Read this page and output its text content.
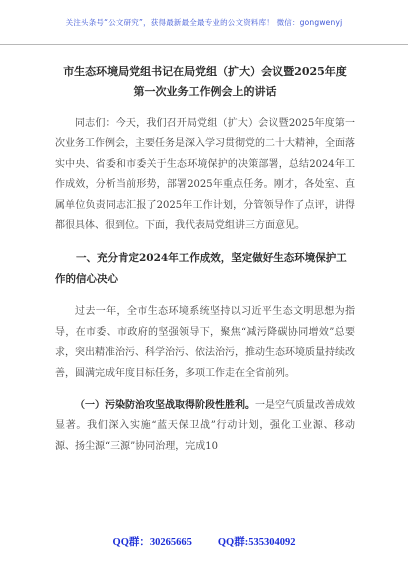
关注头条号“公文研究”，获得最新最全最专业的公文资料库！ 微信：gongwenyj
市生态环境局党组书记在局党组（扩大）会议暨2025年度
第一次业务工作例会上的讲话

同志们：今天，我们召开局党组（扩大）会议暨2025年度第一次业务工作例会，主要任务是深入学习贯彻党的二十大精神，全面落实中央、省委和市委关于生态环境保护的决策部署，总结2024年工作成效，分析当前形势，部署2025年重点任务。刚才，各处室、直属单位负责同志汇报了2025年工作计划，分管领导作了点评，讲得都很具体、很到位。下面，我代表局党组讲三方面意见。

一、充分肯定2024年工作成效，坚定做好生态环境保护工作的信心决心

过去一年，全市生态环境系统坚持以习近平生态文明思想为指导，在市委、市政府的坚强领导下，聚焦“减污降碳协同增效”总要求，突出精准治污、科学治污、依法治污，推动生态环境质量持续改善，圆满完成年度目标任务，多项工作走在全省前列。

（一）污染防治攻坚战取得阶段性胜利。一是空气质量改善成效显著。我们深入实施“蓝天保卫战”行动计划，强化工业源、移动源、扬尘源“三源”协同治理，完成10

QQ群：30265665 QQ群:535304092
